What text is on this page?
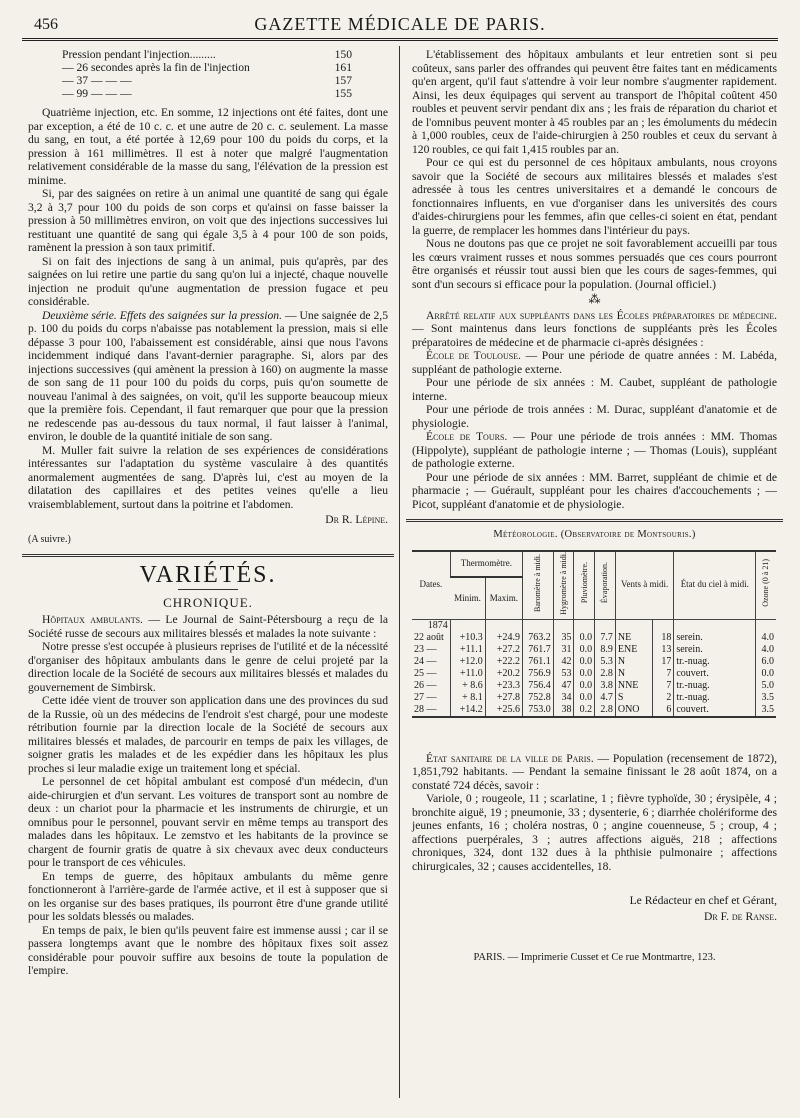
456	GAZETTE MÉDICALE DE PARIS.
Pression pendant l'injection.........	150
— 26 secondes après la fin de l'injection	161
— 37 — — —	157
— 99 — — —	155

Quatrième injection, etc. En somme, 12 injections ont été faites, dont une par exception, a été de 10 c. c. et une autre de 20 c. c. seulement. La masse du sang, en tout, a été portée à 12,69 pour 100 du poids du corps, et la pression à 161 millimètres. Il est à noter que malgré l'augmentation relativement considérable de la masse du sang, l'élévation de la pression est minime.

Si, par des saignées on retire à un animal une quantité de sang qui égale 3,2 à 3,7 pour 100 du poids de son corps et qu'ainsi on fasse baisser la pression à 50 millimètres environ, on voit que des injections successives lui restituant une quantité de sang qui égale 3,5 à 4 pour 100 de son poids, ramènent la pression à son taux primitif.

Si on fait des injections de sang à un animal, puis qu'après, par des saignées on lui retire une partie du sang qu'on lui a injecté, chaque nouvelle injection ne produit qu'une augmentation de pression fugace et peu considérable.

Deuxième série. Effets des saignées sur la pression. — Une saignée de 2,5 p. 100 du poids du corps n'abaisse pas notablement la pression, mais si elle dépasse 3 pour 100, l'abaissement est considérable, ainsi que nous l'avons incidemment indiqué dans l'avant-dernier paragraphe. Si, alors par des injections successives (qui amènent la pression à 160) on augmente la masse de son sang de 11 pour 100 du poids du corps, puis qu'on soumette de nouveau l'animal à des saignées, on voit, qu'il les supporte beaucoup mieux que la première fois. Cependant, il faut remarquer que pour que la pression ne redescende pas au-dessous du taux normal, il faut laisser à l'animal, environ, le double de la quantité initiale de son sang.

M. Muller fait suivre la relation de ses expériences de considérations intéressantes sur l'adaptation du système vasculaire à des quantités anormalement augmentées de sang. D'après lui, c'est au moyen de la dilatation des capillaires et des petites veines qu'elle a lieu vraisemblablement, surtout dans la poitrine et l'abdomen.

Dr R. Lépine.
(A suivre.)
VARIÉTÉS.
CHRONIQUE.

Hôpitaux ambulants. — Le Journal de Saint-Pétersbourg a reçu de la Société russe de secours aux militaires blessés et malades la note suivante :

Notre presse s'est occupée à plusieurs reprises de l'utilité et de la nécessité d'organiser des hôpitaux ambulants dans le genre de celui projeté par la direction locale de la Société de secours aux militaires blessés et malades du gouvernement de Simbirsk.

Cette idée vient de trouver son application dans une des provinces du sud de la Russie, où un des médecins de l'endroit s'est chargé, pour une modeste rétribution fournie par la direction locale de la Société de secours aux militaires blessés et malades, de parcourir en temps de paix les villages, de soigner gratis les malades et de les expédier dans les hôpitaux les plus proches si leur maladie exige un traitement long et spécial.

Le personnel de cet hôpital ambulant est composé d'un médecin, d'un aide-chirurgien et d'un servant. Les voitures de transport sont au nombre de deux : un chariot pour la pharmacie et les instruments de chirurgie, et un omnibus pour le personnel, pouvant servir en même temps au transport des malades dans les hôpitaux. Le zemstvo et les habitants de la province se chargent de fournir gratis de quatre à six chevaux avec deux conducteurs pour le transport de ces véhicules.

En temps de guerre, des hôpitaux ambulants du même genre fonctionneront à l'arrière-garde de l'armée active, et il est à supposer que si on les organise sur des bases pratiques, ils pourront être d'une grande utilité pour les soldats blessés ou malades.

En temps de paix, le bien qu'ils peuvent faire est immense aussi ; car il se passera longtemps avant que le nombre des hôpitaux fixes soit assez considérable pour pouvoir suffire aux besoins de toute la population de l'empire.

L'établissement des hôpitaux ambulants et leur entretien sont si peu coûteux, sans parler des offrandes qui peuvent être faites tant en médicaments qu'en argent, qu'il faut s'attendre à voir leur nombre s'augmenter rapidement. Ainsi, les deux équipages qui servent au transport de l'hôpital coûtent 450 roubles et peuvent servir pendant dix ans ; les frais de réparation du chariot et de l'omnibus peuvent monter à 45 roubles par an ; les émoluments du médecin à 1,000 roubles, ceux de l'aide-chirurgien à 250 roubles et ceux du servant à 120 roubles, ce qui fait 1,415 roubles par an.

Pour ce qui est du personnel de ces hôpitaux ambulants, nous croyons savoir que la Société de secours aux militaires blessés et malades s'est adressée à tous les centres universitaires et a demandé le concours de fonctionnaires influents, en vue d'organiser dans les universités des cours d'aides-chirurgiens pour les femmes, afin que celles-ci soient en état, pendant la guerre, de remplacer les hommes dans l'intérieur du pays.

Nous ne doutons pas que ce projet ne soit favorablement accueilli par tous les cœurs vraiment russes et nous sommes persuadés que ces cours pourront être organisés et réussir tout aussi bien que les cours de sages-femmes, qui sont d'un secours si efficace pour la population. (Journal officiel.)

⁂

Arrêté relatif aux suppléants dans les Écoles préparatoires de médecine. — Sont maintenus dans leurs fonctions de suppléants près les Écoles préparatoires de médecine et de pharmacie ci-après désignées :

École de Toulouse. — Pour une période de quatre années : M. Labéda, suppléant de pathologie externe.

Pour une période de six années : M. Caubet, suppléant de pathologie interne.

Pour une période de trois années : M. Durac, suppléant d'anatomie et de physiologie.

École de Tours. — Pour une période de trois années : MM. Thomas (Hippolyte), suppléant de pathologie interne ; — Thomas (Louis), suppléant de pathologie externe.

Pour une période de six années : MM. Barret, suppléant de chimie et de pharmacie ; — Guérault, suppléant pour les chaires d'accouchements ; — Picot, suppléant d'anatomie et de physiologie.

Météorologie. (Observatoire de Montsouris.)
Dates.	Thermomètre.		Baromètre à midi.	Hygromètre à midi.	Pluviomètre.	Évaporation.	Vents à midi.		État du ciel à midi.	Ozone (0 à 21)
	Minim.	Maxim.								
1874										
22 août	+10.3	+24.9	763.2	35	0.0	7.7	NE	18	serein.	4.0
23 —	+11.1	+27.2	761.7	31	0.0	8.9	ENE	13	serein.	4.0
24 —	+12.0	+22.2	761.1	42	0.0	5.3	N	17	tr.-nuag.	6.0
25 —	+11.0	+20.2	756.9	53	0.0	2.8	N	7	couvert.	0.0
26 —	+ 8.6	+23.3	756.4	47	0.0	3.8	NNE	7	tr.-nuag.	5.0
27 —	+ 8.1	+27.8	752.8	34	0.0	4.7	S	2	tr.-nuag.	3.5
28 —	+14.2	+25.6	753.0	38	0.2	2.8	ONO	6	couvert.	3.5

État sanitaire de la ville de Paris. — Population (recensement de 1872), 1,851,792 habitants. — Pendant la semaine finissant le 28 août 1874, on a constaté 724 décès, savoir :

Variole, 0 ; rougeole, 11 ; scarlatine, 1 ; fièvre typhoïde, 30 ; érysipèle, 4 ; bronchite aiguë, 19 ; pneumonie, 33 ; dysenterie, 6 ; diarrhée cholériforme des jeunes enfants, 16 ; choléra nostras, 0 ; angine couenneuse, 5 ; croup, 4 ; affections puerpérales, 3 ; autres affections aiguës, 218 ; affections chroniques, 324, dont 132 dues à la phthisie pulmonaire ; affections chirurgicales, 32 ; causes accidentelles, 18.

Le Rédacteur en chef et Gérant,
Dr F. de Ranse.
PARIS. — Imprimerie Cusset et Ce rue Montmartre, 123.
